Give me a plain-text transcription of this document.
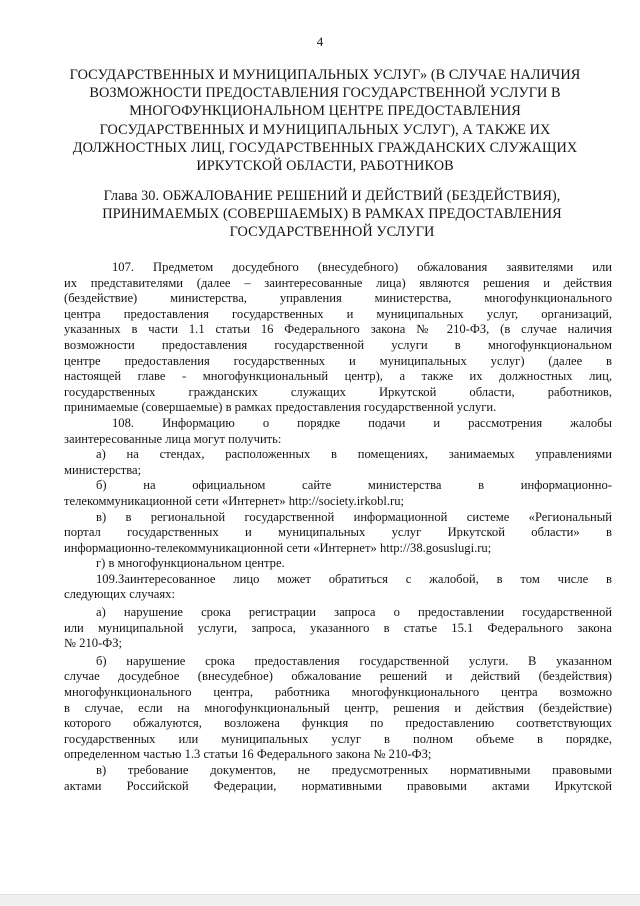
4
ГОСУДАРСТВЕННЫХ И МУНИЦИПАЛЬНЫХ УСЛУГ» (В СЛУЧАЕ НАЛИЧИЯ
ВОЗМОЖНОСТИ ПРЕДОСТАВЛЕНИЯ ГОСУДАРСТВЕННОЙ УСЛУГИ В
МНОГОФУНКЦИОНАЛЬНОМ ЦЕНТРЕ ПРЕДОСТАВЛЕНИЯ
ГОСУДАРСТВЕННЫХ И МУНИЦИПАЛЬНЫХ УСЛУГ), А ТАКЖЕ ИХ
ДОЛЖНОСТНЫХ ЛИЦ, ГОСУДАРСТВЕННЫХ ГРАЖДАНСКИХ СЛУЖАЩИХ
ИРКУТСКОЙ ОБЛАСТИ, РАБОТНИКОВ
Глава 30. ОБЖАЛОВАНИЕ РЕШЕНИЙ И ДЕЙСТВИЙ (БЕЗДЕЙСТВИЯ),
ПРИНИМАЕМЫХ (СОВЕРШАЕМЫХ) В РАМКАХ ПРЕДОСТАВЛЕНИЯ
ГОСУДАРСТВЕННОЙ УСЛУГИ
107. Предметом досудебного (внесудебного) обжалования заявителями или
их представителями (далее – заинтересованные лица) являются решения и действия
(бездействие) министерства, управления министерства, многофункционального
центра предоставления государственных и муниципальных услуг, организаций,
указанных в части 1.1 статьи 16 Федерального закона № 210-ФЗ, (в случае наличия
возможности предоставления государственной услуги в многофункциональном
центре предоставления государственных и муниципальных услуг) (далее в
настоящей главе - многофункциональный центр), а также их должностных лиц,
государственных гражданских служащих Иркутской области, работников,
принимаемые (совершаемые) в рамках предоставления государственной услуги.
108. Информацию о порядке подачи и рассмотрения жалобы
заинтересованные лица могут получить:
а) на стендах, расположенных в помещениях, занимаемых управлениями
министерства;
б) на официальном сайте министерства в информационно-
телекоммуникационной сети «Интернет» http://society.irkobl.ru;
в) в региональной государственной информационной системе «Региональный
портал государственных и муниципальных услуг Иркутской области» в
информационно-телекоммуникационной сети «Интернет» http://38.gosuslugi.ru;
г) в многофункциональном центре.
109.Заинтересованное лицо может обратиться с жалобой, в том числе в
следующих случаях:
а) нарушение срока регистрации запроса о предоставлении государственной
или муниципальной услуги, запроса, указанного в статье 15.1 Федерального закона
№ 210-ФЗ;
б) нарушение срока предоставления государственной услуги. В указанном
случае досудебное (внесудебное) обжалование решений и действий (бездействия)
многофункционального центра, работника многофункционального центра возможно
в случае, если на многофункциональный центр, решения и действия (бездействие)
которого обжалуются, возложена функция по предоставлению соответствующих
государственных или муниципальных услуг в полном объеме в порядке,
определенном частью 1.3 статьи 16 Федерального закона № 210-ФЗ;
в) требование документов, не предусмотренных нормативными правовыми
актами Российской Федерации, нормативными правовыми актами Иркутской
